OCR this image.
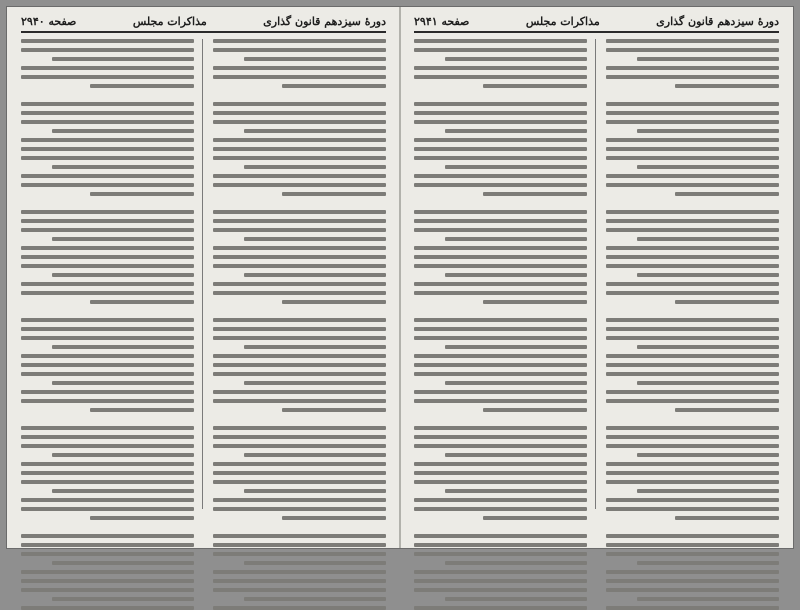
دورهٔ سیزدهم قانون گذاری
مذاکرات مجلس
صفحه ۲۹۴۰	دورهٔ سیزدهم قانون گذاری
مذاکرات مجلس
صفحه ۲۹۴۱
